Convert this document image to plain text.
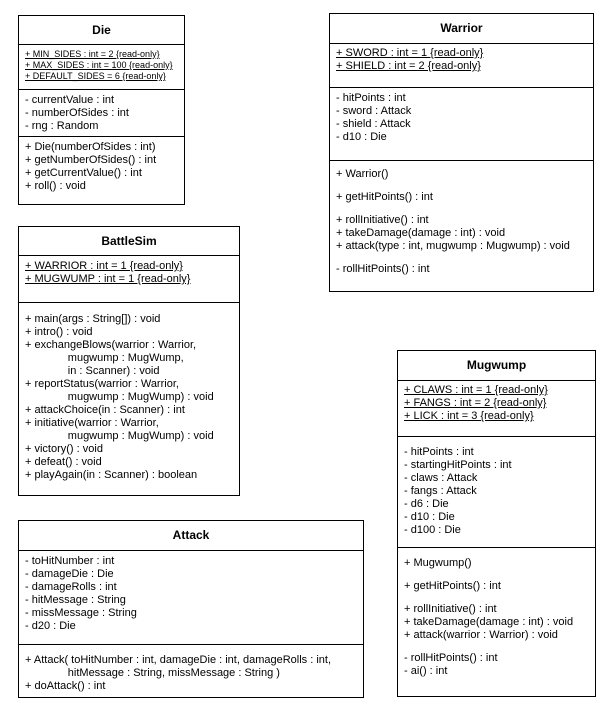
Die
+ MIN_SIDES : int = 2 {read-only}
+ MAX_SIDES : int = 100 {read-only}
+ DEFAULT_SIDES = 6 {read-only}
- currentValue : int
- numberOfSides : int
- rng : Random
+ Die(numberOfSides : int)
+ getNumberOfSides() : int
+ getCurrentValue() : int
+ roll() : void
Warrior
+ SWORD : int = 1 {read-only}
+ SHIELD : int = 2 {read-only}
- hitPoints : int
- sword : Attack
- shield : Attack
- d10 : Die
+ Warrior()
+ getHitPoints() : int
+ rollInitiative() : int
+ takeDamage(damage : int) : void
+ attack(type : int, mugwump : Mugwump) : void
- rollHitPoints() : int
BattleSim
+ WARRIOR : int = 1 {read-only}
+ MUGWUMP : int = 1 {read-only}
+ main(args : String[]) : void
+ intro() : void
+ exchangeBlows(warrior : Warrior,
mugwump : MugWump,
in : Scanner) : void
+ reportStatus(warrior : Warrior,
mugwump : MugWump) : void
+ attackChoice(in : Scanner) : int
+ initiative(warrior : Warrior,
mugwump : MugWump) : void
+ victory() : void
+ defeat() : void
+ playAgain(in : Scanner) : boolean
Mugwump
+ CLAWS : int = 1 {read-only}
+ FANGS : int = 2 {read-only}
+ LICK : int = 3 {read-only}
- hitPoints : int
- startingHitPoints : int
- claws : Attack
- fangs : Attack
- d6 : Die
- d10 : Die
- d100 : Die
+ Mugwump()
+ getHitPoints() : int
+ rollInitiative() : int
+ takeDamage(damage : int) : void
+ attack(warrior : Warrior) : void
- rollHitPoints() : int
- ai() : int
Attack
- toHitNumber : int
- damageDie : Die
- damageRolls : int
- hitMessage : String
- missMessage : String
- d20 : Die
+ Attack( toHitNumber : int, damageDie : int, damageRolls : int,
hitMessage : String, missMessage : String )
+ doAttack() : int
